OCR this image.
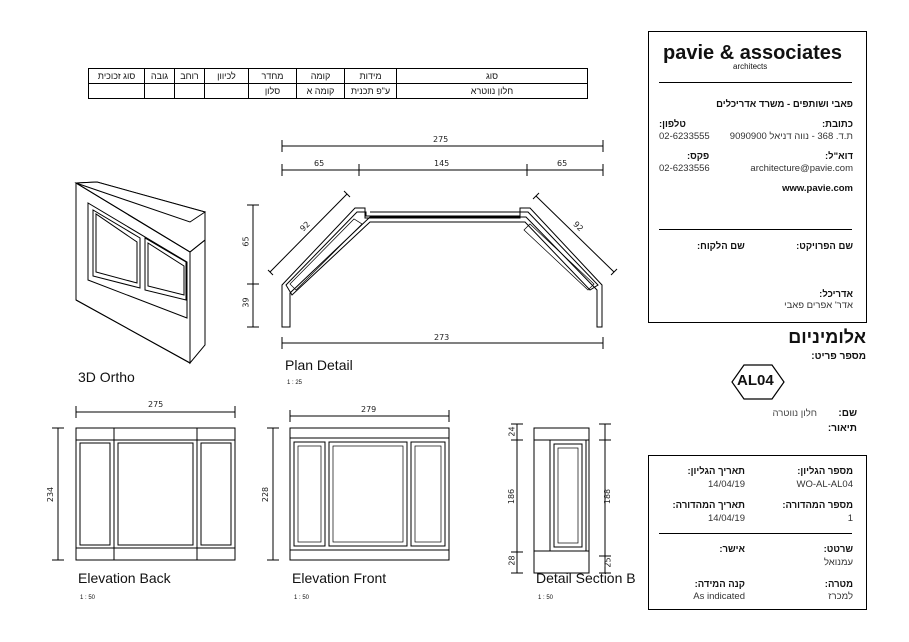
סוג זכוכית	גובה	רוחב	לכיוון	מחדר	קומה	מידות	סוג
				סלון	קומה א	ע"פ תכנית	חלון נווטרא
275
65	145	65
92	92
65
39
273
275
234
279
228
24
186
28
188
25
3D Ortho
Plan Detail
1 : 25
Elevation Back
1 : 50
Elevation Front
1 : 50
Detail Section B
1 : 50
pavie & associates
architects
פאבי ושותפים - משרד אדריכלים
כתובת:
ת.ד. 368 - נווה דניאל 9090900
טלפון:
02-6233555
דוא"ל:
architecture@pavie.com
פקס:
02-6233556
www.pavie.com
שם הפרויקט:
שם הלקוח:
אדריכל:
אדר' אפרים פאבי
אלומיניום
מספר פריט:
AL04
שם:
חלון נווטרה
תיאור:
מספר הגליון:
WO-AL-AL04
תאריך הגליון:
14/04/19
מספר המהדורה:
1
תאריך המהדורה:
14/04/19
שרטט:
עמנואל
אישר:
מטרה:
למכרז
קנה המידה:
As indicated
